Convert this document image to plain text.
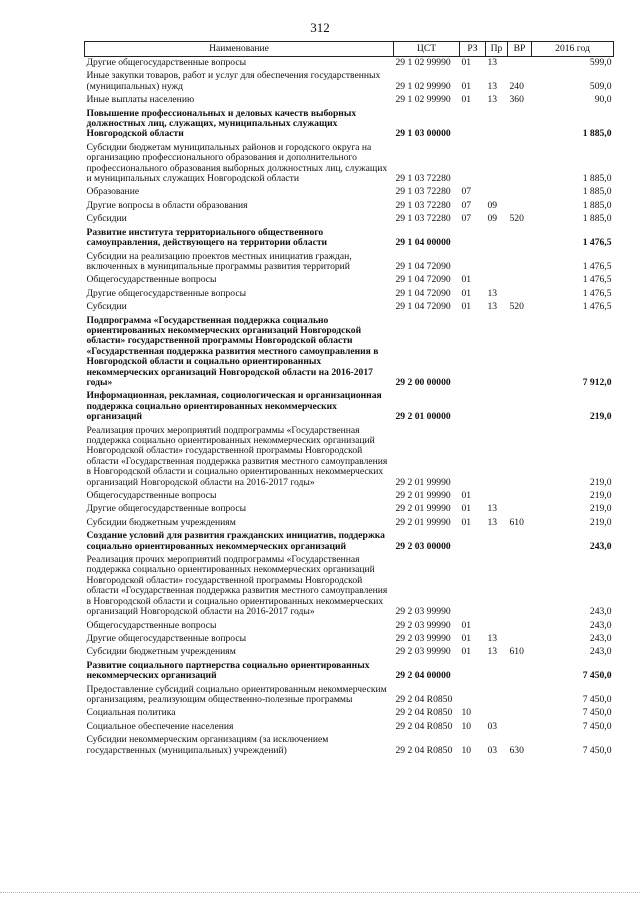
312
Наименование	ЦСТ	РЗ	Пр	ВР	2016 год
Другие общегосударственные вопросы	29 1 02 99990	01	13		599,0
Иные закупки товаров, работ и услуг для обеспечения государственных (муниципальных) нужд	29 1 02 99990	01	13	240	509,0
Иные выплаты населению	29 1 02 99990	01	13	360	90,0
Повышение профессиональных и деловых качеств выборных должностных лиц, служащих, муниципальных служащих Новгородской области	29 1 03 00000				1 885,0
Субсидии бюджетам муниципальных районов и городского округа на организацию профессионального образования и дополнительного профессионального образования выборных должностных лиц, служащих и муниципальных служащих Новгородской области	29 1 03 72280				1 885,0
Образование	29 1 03 72280	07			1 885,0
Другие вопросы в области образования	29 1 03 72280	07	09		1 885,0
Субсидии	29 1 03 72280	07	09	520	1 885,0
Развитие института территориального общественного самоуправления, действующего на территории области	29 1 04 00000				1 476,5
Субсидии на реализацию проектов местных инициатив граждан, включенных в муниципальные программы развития территорий	29 1 04 72090				1 476,5
Общегосударственные вопросы	29 1 04 72090	01			1 476,5
Другие общегосударственные вопросы	29 1 04 72090	01	13		1 476,5
Субсидии	29 1 04 72090	01	13	520	1 476,5
Подпрограмма «Государственная поддержка социально ориентированных некоммерческих организаций Новгородской области» государственной программы Новгородской области «Государственная поддержка развития местного самоуправления в Новгородской области и социально ориентированных некоммерческих организаций Новгородской области на 2016-2017 годы»	29 2 00 00000				7 912,0
Информационная, рекламная, социологическая и организационная поддержка социально ориентированных некоммерческих организаций	29 2 01 00000				219,0
Реализация прочих мероприятий подпрограммы «Государственная поддержка социально ориентированных некоммерческих организаций Новгородской области» государственной программы Новгородской области «Государственная поддержка развития местного самоуправления в Новгородской области и социально ориентированных некоммерческих организаций Новгородской области на 2016-2017 годы»	29 2 01 99990				219,0
Общегосударственные вопросы	29 2 01 99990	01			219,0
Другие общегосударственные вопросы	29 2 01 99990	01	13		219,0
Субсидии бюджетным учреждениям	29 2 01 99990	01	13	610	219,0
Создание условий для развития гражданских инициатив, поддержка социально ориентированных некоммерческих организаций	29 2 03 00000				243,0
Реализация прочих мероприятий подпрограммы «Государственная поддержка социально ориентированных некоммерческих организаций Новгородской области» государственной программы Новгородской области «Государственная поддержка развития местного самоуправления в Новгородской области и социально ориентированных некоммерческих организаций Новгородской области на 2016-2017 годы»	29 2 03 99990				243,0
Общегосударственные вопросы	29 2 03 99990	01			243,0
Другие общегосударственные вопросы	29 2 03 99990	01	13		243,0
Субсидии бюджетным учреждениям	29 2 03 99990	01	13	610	243,0
Развитие социального партнерства социально ориентированных некоммерческих организаций	29 2 04 00000				7 450,0
Предоставление субсидий социально ориентированным некоммерческим организациям, реализующим общественно-полезные программы	29 2 04 R0850				7 450,0
Социальная политика	29 2 04 R0850	10			7 450,0
Социальное обеспечение населения	29 2 04 R0850	10	03		7 450,0
Субсидии некоммерческим организациям (за исключением государственных (муниципальных) учреждений)	29 2 04 R0850	10	03	630	7 450,0
